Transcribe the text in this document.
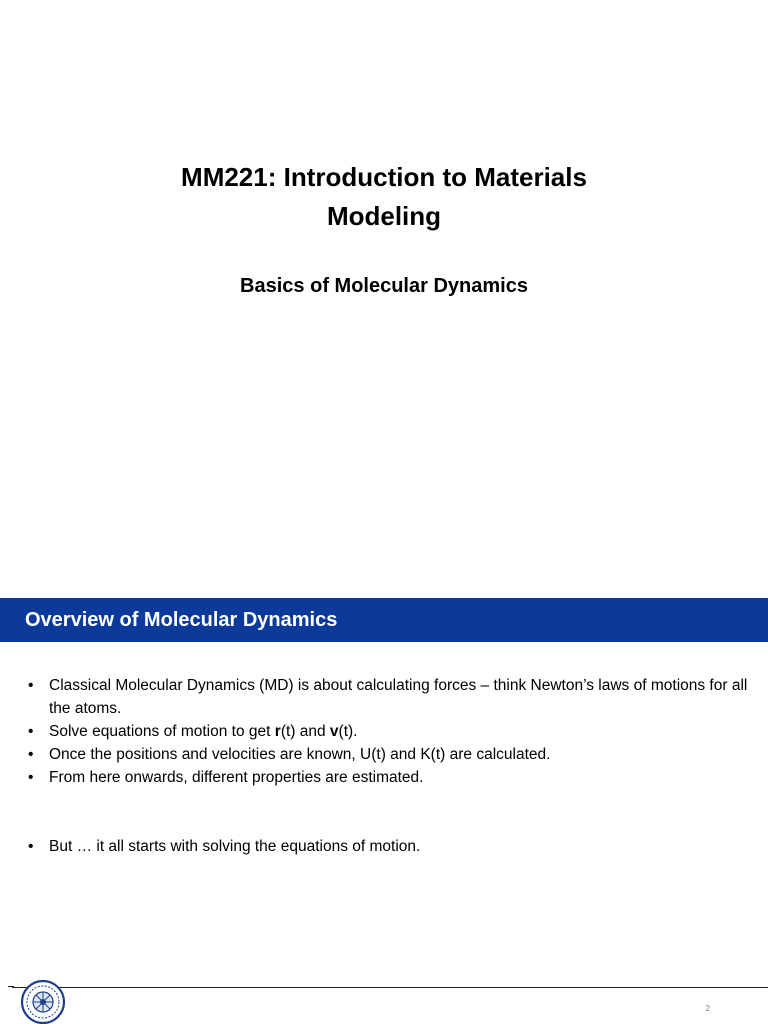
MM221: Introduction to Materials
Modeling
Basics of Molecular Dynamics
Overview of Molecular Dynamics
• Classical Molecular Dynamics (MD) is about calculating forces – think Newton’s laws of motions for all the atoms.
• Solve equations of motion to get r(t) and v(t).
• Once the positions and velocities are known, U(t) and K(t) are calculated.
• From here onwards, different properties are estimated.
• But … it all starts with solving the equations of motion.
2
